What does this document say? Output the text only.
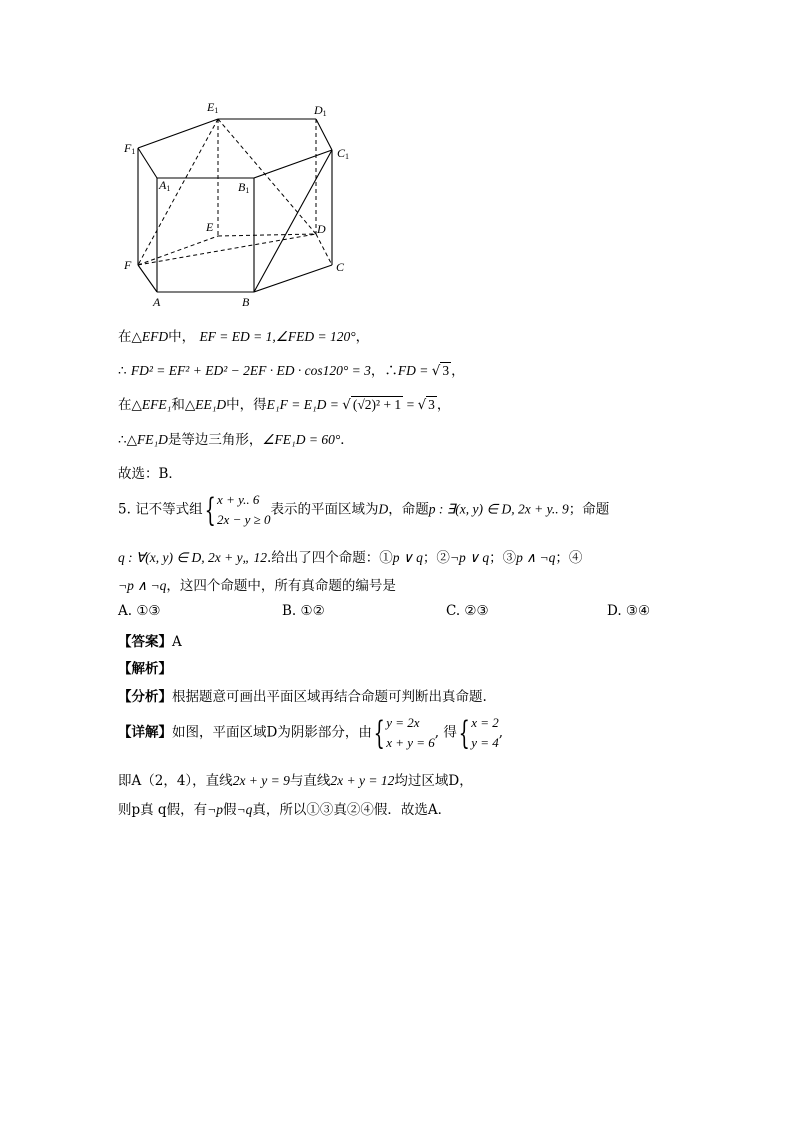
E1	D1
F1	C1
A1	B1
E	D
F	C
A	B
在△EFD中， EF = ED = 1,∠FED = 120°，
∴ FD² = EF² + ED² − 2EF · ED · cos120° = 3，∴FD = √ 3 ，
在△EFE₁和△EE₁D中，得E₁F = E₁D = √ (√2)² + 1 = √ 3 ，
∴△FE₁D是等边三角形，∠FE₁D = 60°．
故选：B．
5. 记不等式组{ x + y.. 6
2x − y ≥ 0表示的平面区域为D，命题p : ∃(x, y) ∈ D, 2x + y.. 9；命题
q : ∀(x, y) ∈ D, 2x + y„ 12.给出了四个命题：①p ∨ q；②¬p ∨ q；③p ∧ ¬q；④
¬p ∧ ¬q，这四个命题中，所有真命题的编号是
A. ①③	B. ①②	C. ②③	D. ③④
【答案】A
【解析】
【分析】根据题意可画出平面区域再结合命题可判断出真命题.
【详解】如图，平面区域D为阴影部分，由{ y = 2x
x + y = 6, 得{ x = 2
y = 4,
即A（2，4），直线2x + y = 9与直线2x + y = 12均过区域D，
则p真 q假，有¬p假¬q真，所以①③真②④假．故选A．
